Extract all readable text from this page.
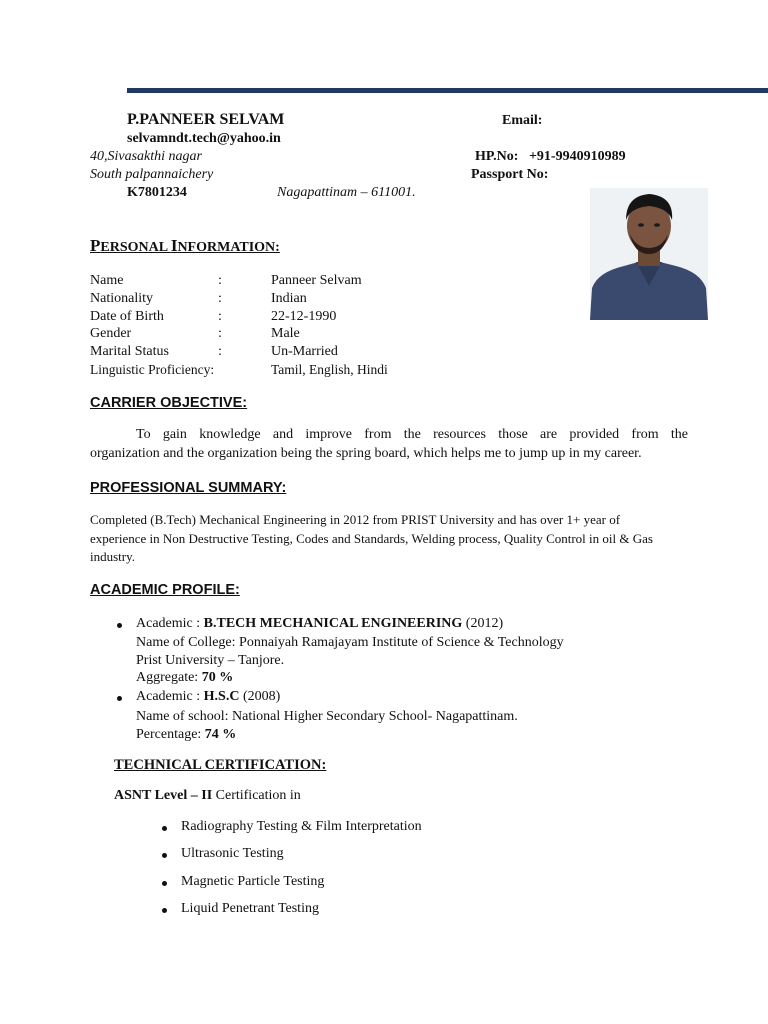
P.PANNEER SELVAM	Email:
selvamndt.tech@yahoo.in
40,Sivasakthi nagar	HP.No: +91-9940910989
South palpannaichery	Passport No:
K7801234	Nagapattinam – 611001.
PERSONAL INFORMATION:
Name	:	Panneer Selvam
Nationality	:	Indian
Date of Birth	:	22-12-1990
Gender	:	Male
Marital Status	:	Un-Married
Linguistic Proficiency:	Tamil, English, Hindi
CARRIER OBJECTIVE:
To gain knowledge and improve from the resources those are provided from the
organization and the organization being the spring board, which helps me to jump up in my career.
PROFESSIONAL SUMMARY:
Completed (B.Tech) Mechanical Engineering in 2012 from PRIST University and has over 1+ year of
experience in Non Destructive Testing, Codes and Standards, Welding process, Quality Control in oil & Gas
industry.
ACADEMIC PROFILE:
Academic : B.TECH MECHANICAL ENGINEERING (2012)
Name of College: Ponnaiyah Ramajayam Institute of Science & Technology
Prist University – Tanjore.
Aggregate: 70 %
Academic : H.S.C (2008)
Name of school: National Higher Secondary School- Nagapattinam.
Percentage: 74 %
TECHNICAL CERTIFICATION:
ASNT Level – II Certification in
Radiography Testing & Film Interpretation
Ultrasonic Testing
Magnetic Particle Testing
Liquid Penetrant Testing
